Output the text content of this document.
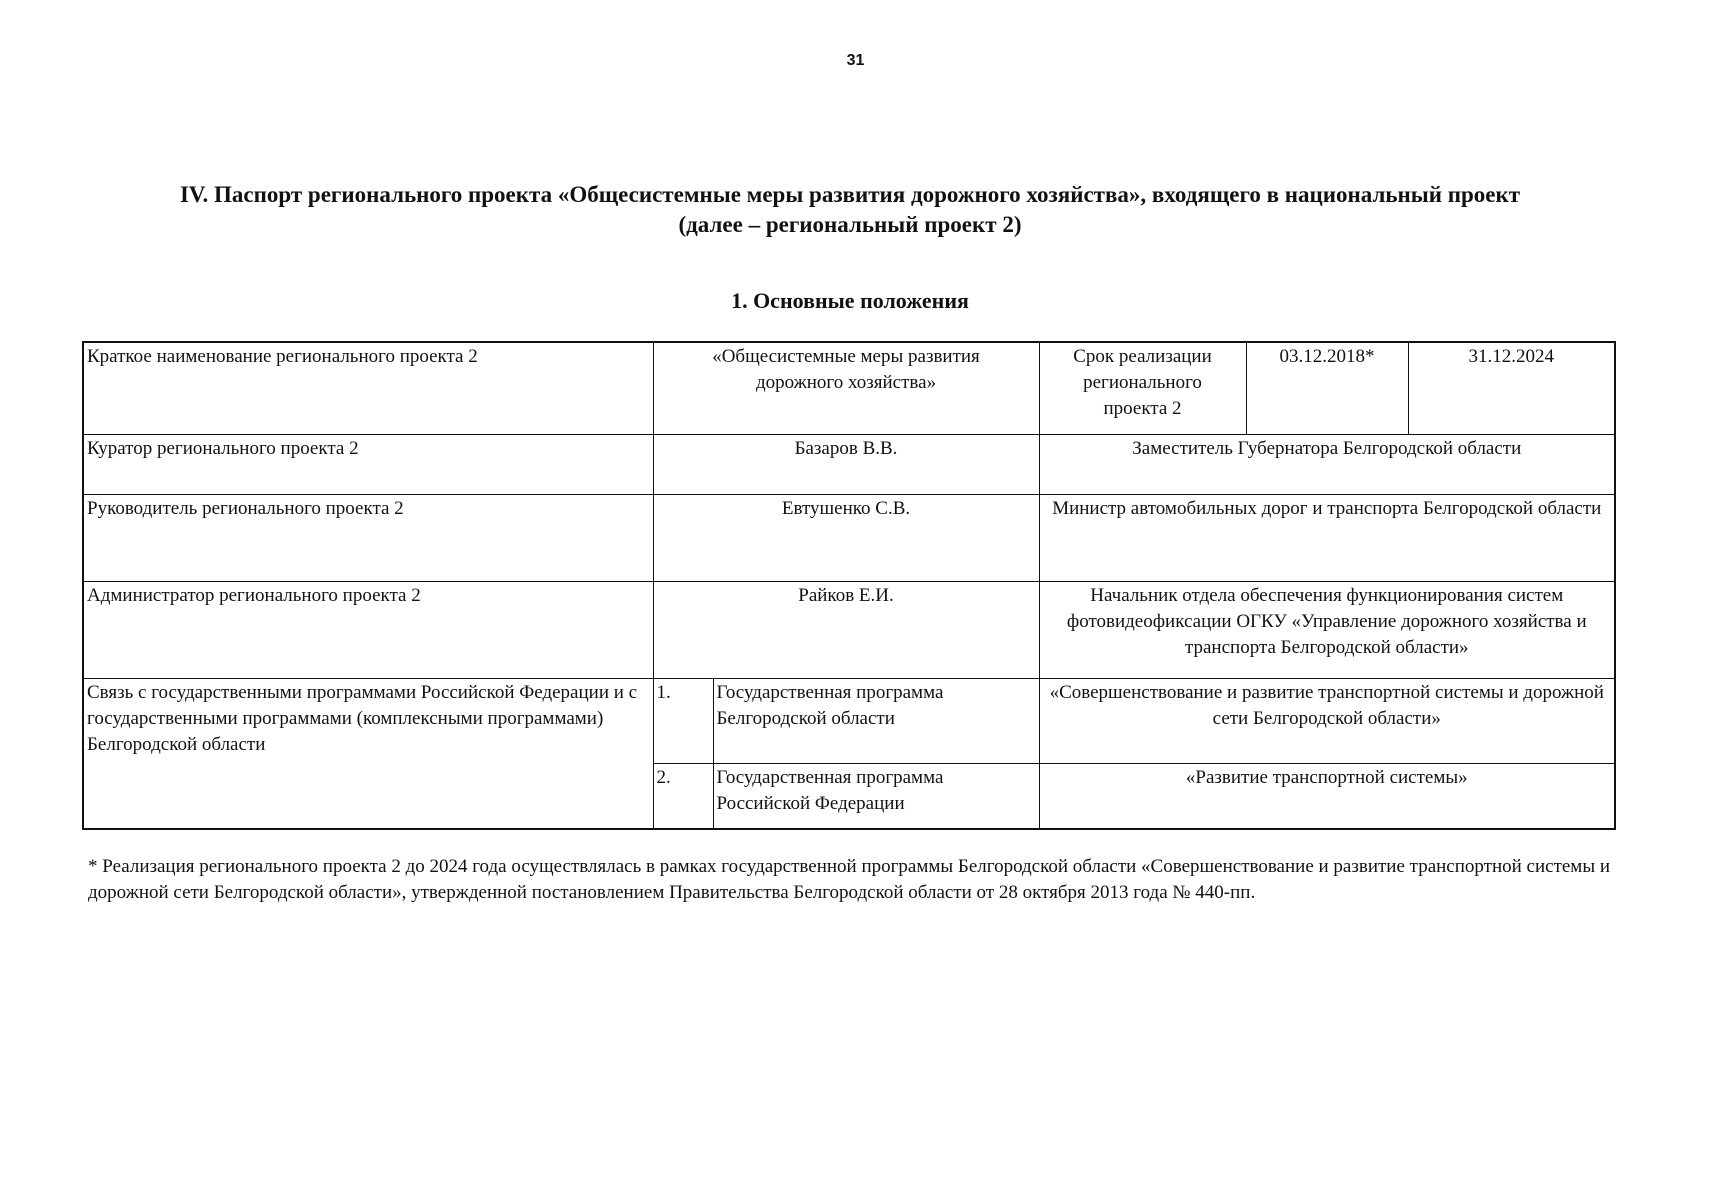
31
IV. Паспорт регионального проекта «Общесистемные меры развития дорожного хозяйства», входящего в национальный проект
(далее – региональный проект 2)
1. Основные положения
Краткое наименование регионального проекта 2	«Общесистемные меры развития дорожного хозяйства»		Срок реализации регионального проекта 2	03.12.2018*	31.12.2024
Куратор регионального проекта 2	Базаров В.В.		Заместитель Губернатора Белгородской области		
Руководитель регионального проекта 2	Евтушенко С.В.		Министр автомобильных дорог и транспорта Белгородской области		
Администратор регионального проекта 2	Райков Е.И.		Начальник отдела обеспечения функционирования систем фотовидеофиксации ОГКУ «Управление дорожного хозяйства и транспорта Белгородской области»		
Связь с государственными программами Российской Федерации и с государственными программами (комплексными программами) Белгородской области	1.	Государственная программа Белгородской области	«Совершенствование и развитие транспортной системы и дорожной сети Белгородской области»		
	2.	Государственная программа Российской Федерации	«Развитие транспортной системы»		
* Реализация регионального проекта 2 до 2024 года осуществлялась в рамках государственной программы Белгородской области «Совершенствование и развитие транспортной системы и дорожной сети Белгородской области», утвержденной постановлением Правительства Белгородской области от 28 октября 2013 года № 440-пп.
